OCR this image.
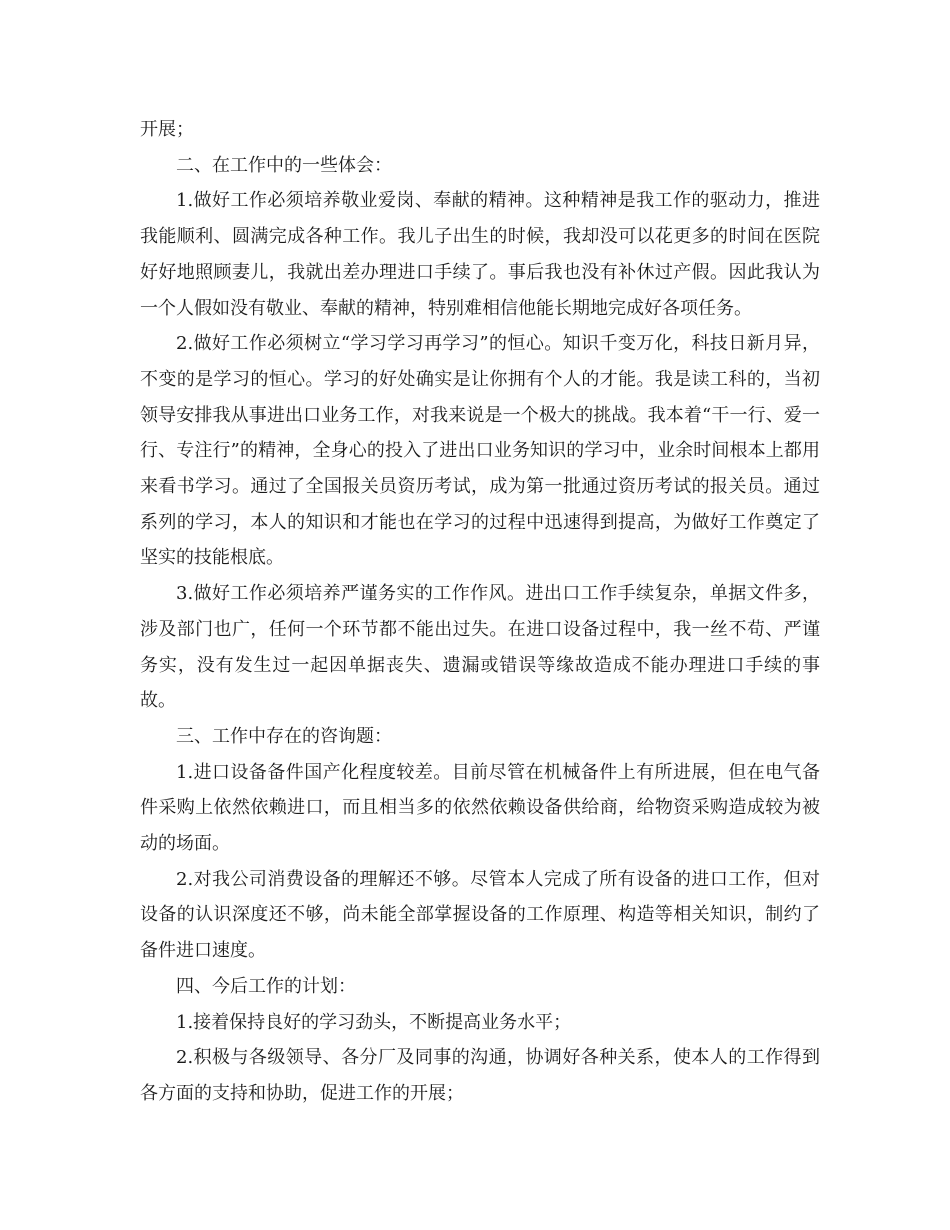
开展；

二、在工作中的一些体会：

1.做好工作必须培养敬业爱岗、奉献的精神。这种精神是我工作的驱动力，推进我能顺利、圆满完成各种工作。我儿子出生的时候，我却没可以花更多的时间在医院好好地照顾妻儿，我就出差办理进口手续了。事后我也没有补休过产假。因此我认为一个人假如没有敬业、奉献的精神，特别难相信他能长期地完成好各项任务。

2.做好工作必须树立“学习学习再学习”的恒心。知识千变万化，科技日新月异，不变的是学习的恒心。学习的好处确实是让你拥有个人的才能。我是读工科的，当初领导安排我从事进出口业务工作，对我来说是一个极大的挑战。我本着“干一行、爱一行、专注行”的精神，全身心的投入了进出口业务知识的学习中，业余时间根本上都用来看书学习。通过了全国报关员资历考试，成为第一批通过资历考试的报关员。通过系列的学习，本人的知识和才能也在学习的过程中迅速得到提高，为做好工作奠定了坚实的技能根底。

3.做好工作必须培养严谨务实的工作作风。进出口工作手续复杂，单据文件多，涉及部门也广，任何一个环节都不能出过失。在进口设备过程中，我一丝不苟、严谨务实，没有发生过一起因单据丧失、遗漏或错误等缘故造成不能办理进口手续的事故。

三、工作中存在的咨询题：

1.进口设备备件国产化程度较差。目前尽管在机械备件上有所进展，但在电气备件采购上依然依赖进口，而且相当多的依然依赖设备供给商，给物资采购造成较为被动的场面。

2.对我公司消费设备的理解还不够。尽管本人完成了所有设备的进口工作，但对设备的认识深度还不够，尚未能全部掌握设备的工作原理、构造等相关知识，制约了备件进口速度。

四、今后工作的计划：

1.接着保持良好的学习劲头，不断提高业务水平；

2.积极与各级领导、各分厂及同事的沟通，协调好各种关系，使本人的工作得到各方面的支持和协助，促进工作的开展；
